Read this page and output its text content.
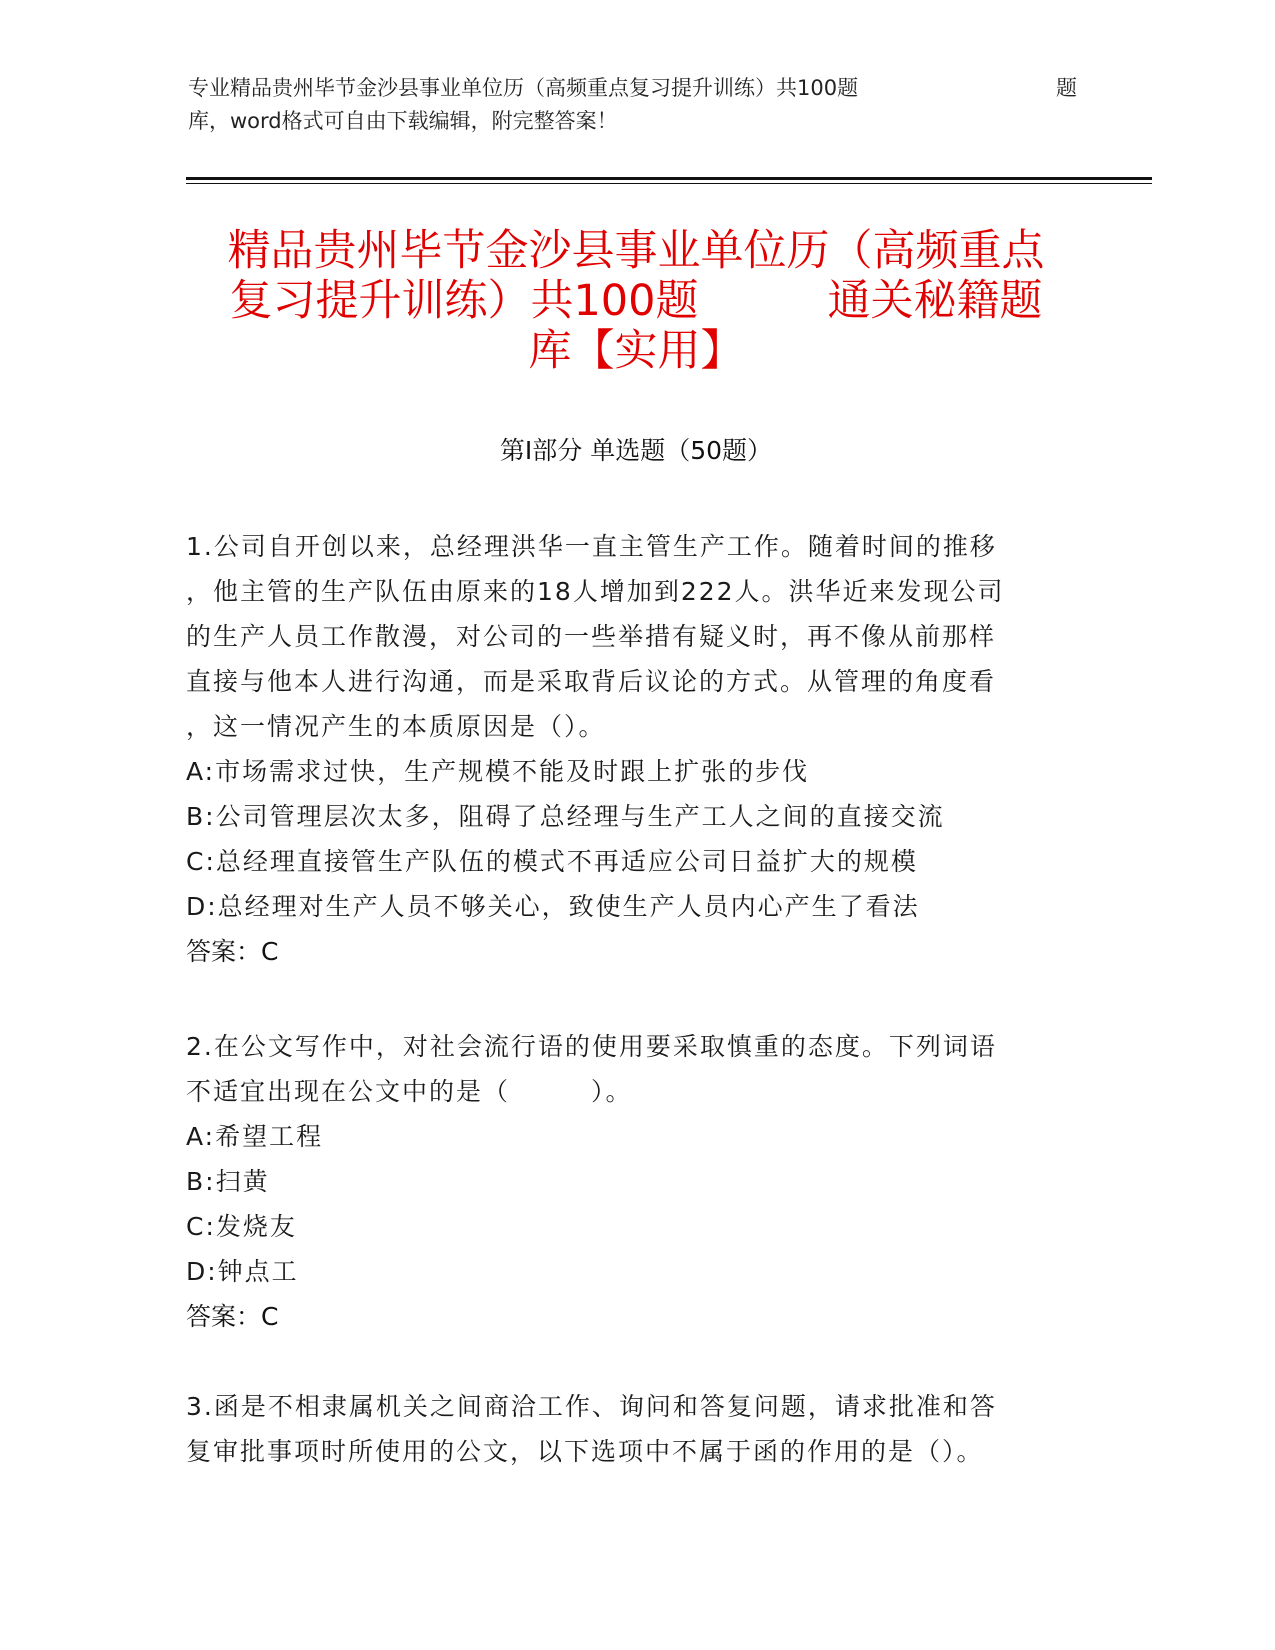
专业精品贵州毕节金沙县事业单位历（高频重点复习提升训练）共100题	题
库，word格式可自由下载编辑，附完整答案！
精品贵州毕节金沙县事业单位历（高频重点
复习提升训练）共100题　　　通关秘籍题
库【实用】
第Ⅰ部分 单选题（50题）
1.公司自开创以来，总经理洪华一直主管生产工作。随着时间的推移
，他主管的生产队伍由原来的18人增加到222人。洪华近来发现公司
的生产人员工作散漫，对公司的一些举措有疑义时，再不像从前那样
直接与他本人进行沟通，而是采取背后议论的方式。从管理的角度看
，这一情况产生的本质原因是（）。
A:市场需求过快，生产规模不能及时跟上扩张的步伐
B:公司管理层次太多，阻碍了总经理与生产工人之间的直接交流
C:总经理直接管生产队伍的模式不再适应公司日益扩大的规模
D:总经理对生产人员不够关心，致使生产人员内心产生了看法
答案：C
2.在公文写作中，对社会流行语的使用要采取慎重的态度。下列词语
不适宜出现在公文中的是（　　　）。
A:希望工程
B:扫黄
C:发烧友
D:钟点工
答案：C
3.函是不相隶属机关之间商洽工作、询问和答复问题，请求批准和答
复审批事项时所使用的公文，以下选项中不属于函的作用的是（）。
